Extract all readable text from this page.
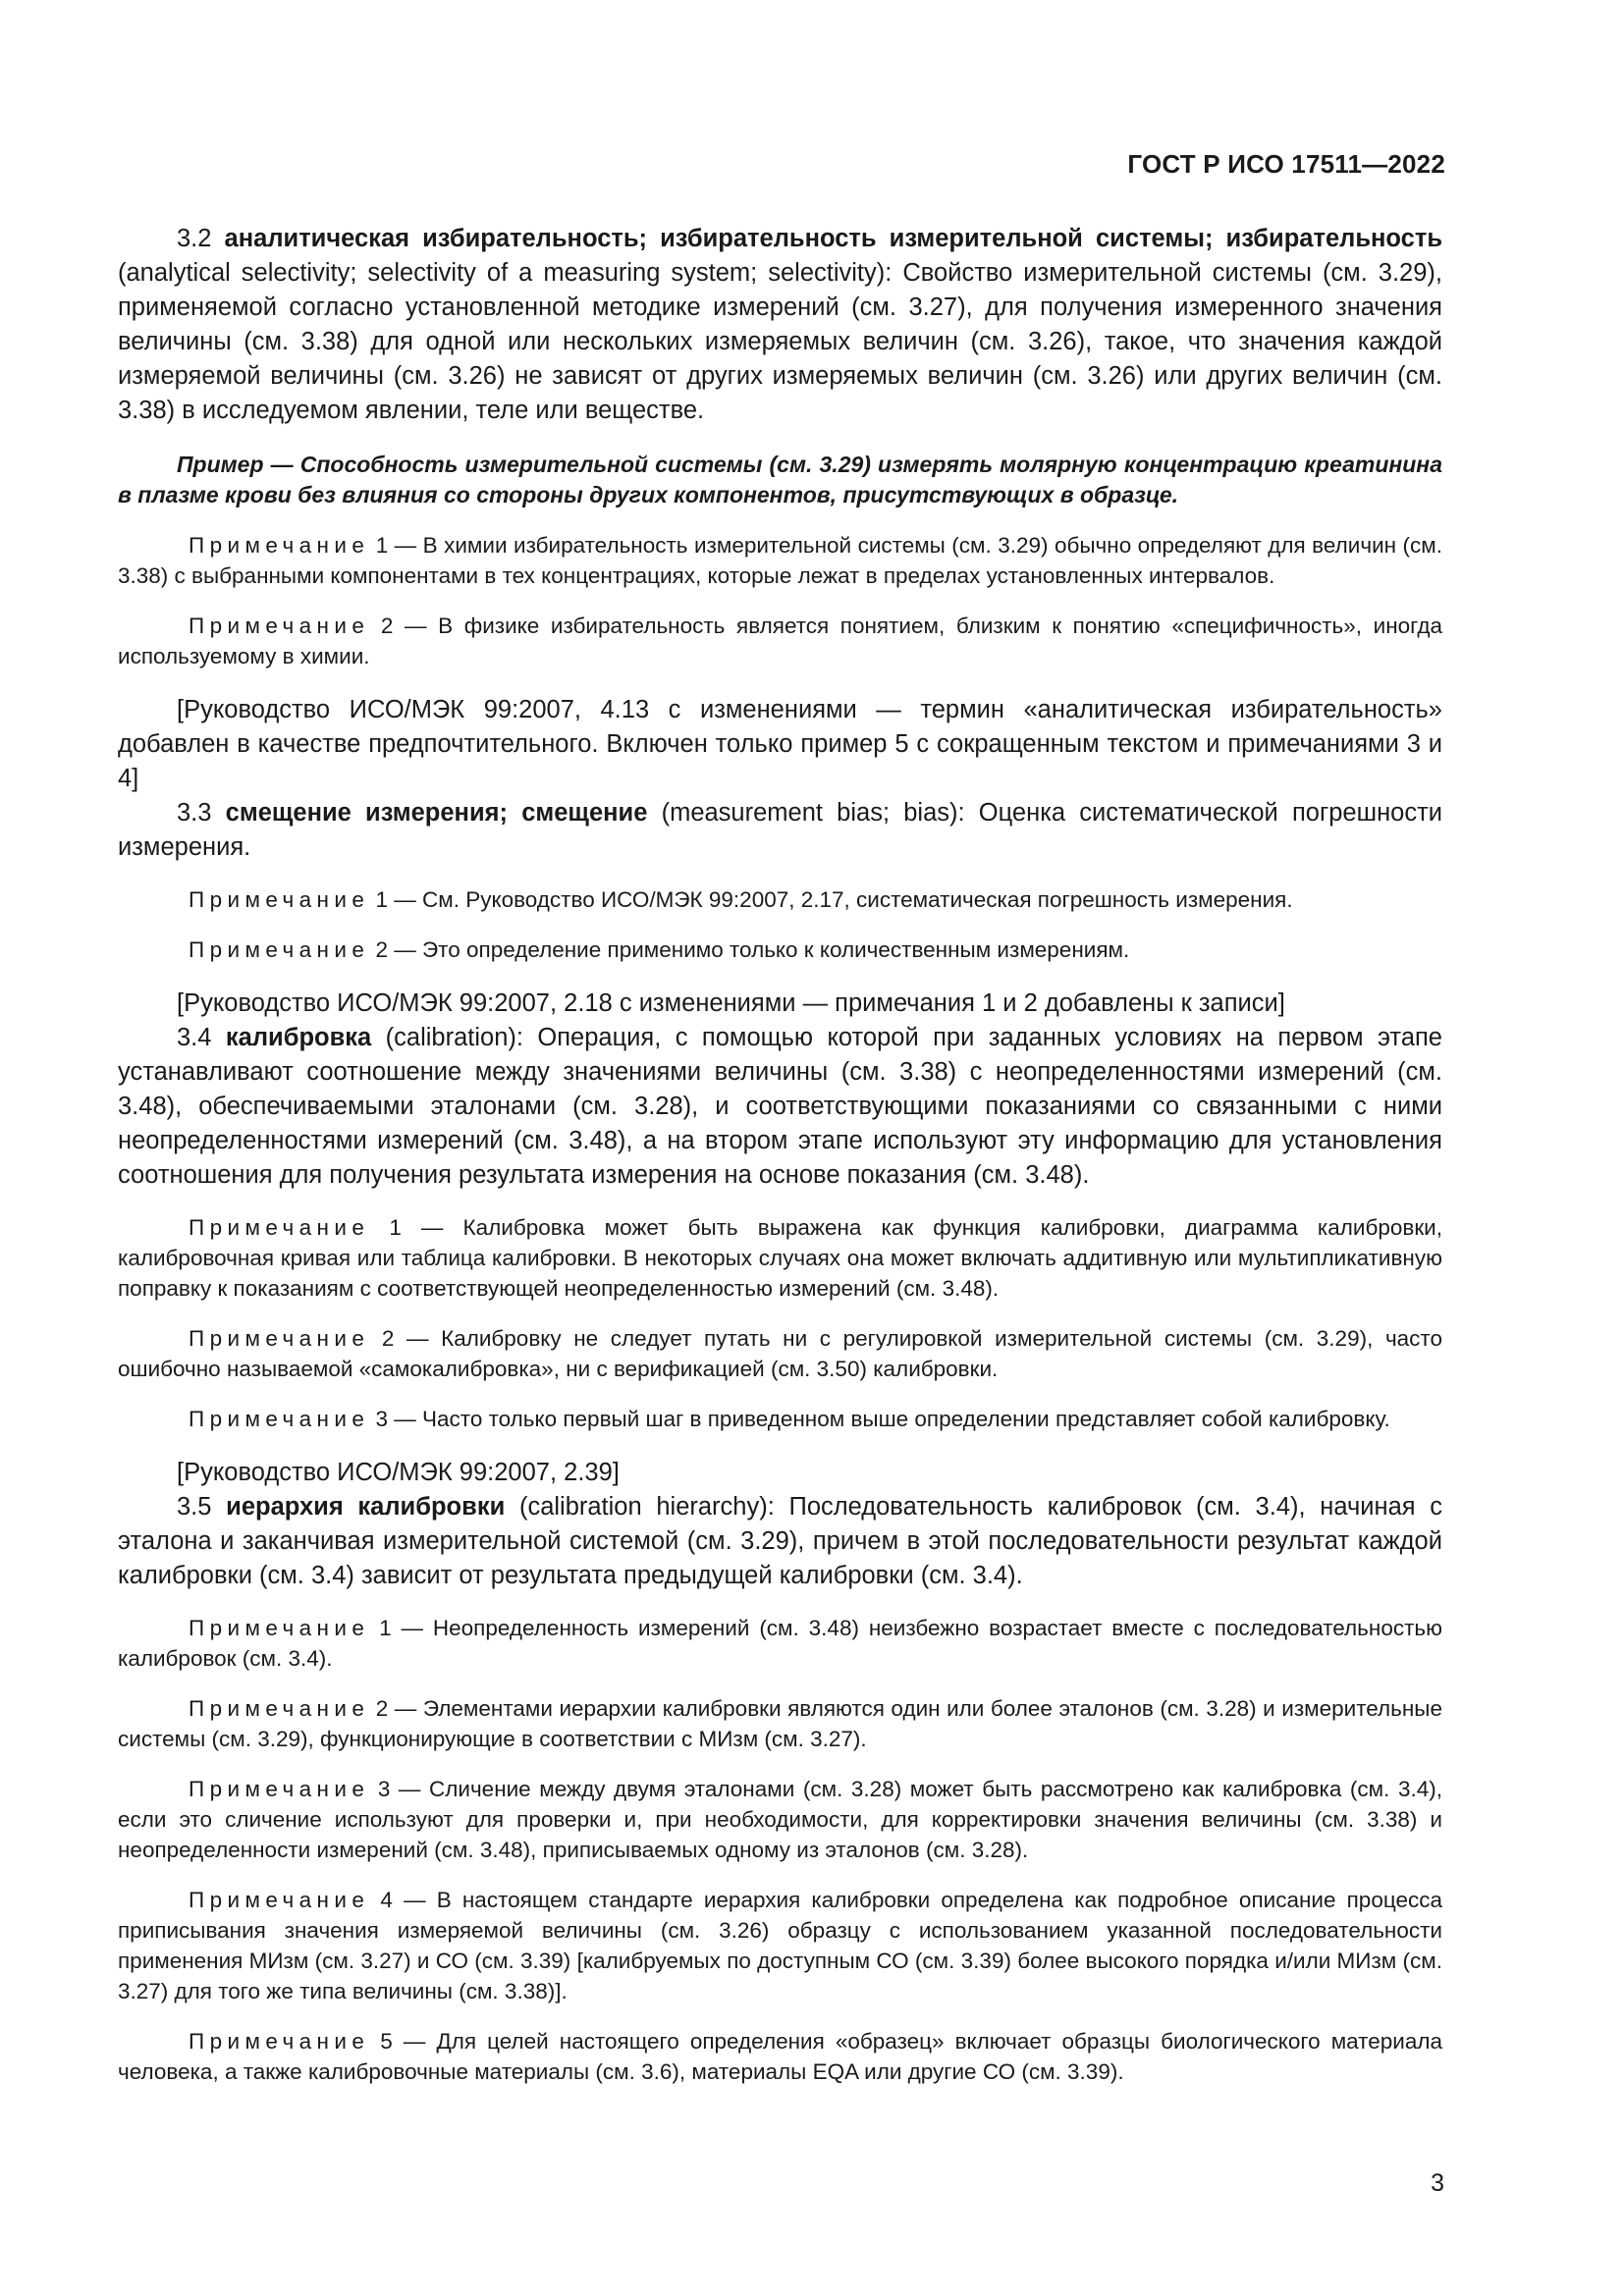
ГОСТ Р ИСО 17511—2022

3.2 аналитическая избирательность; избирательность измерительной системы; избирательность (analytical selectivity; selectivity of a measuring system; selectivity): Свойство измерительной системы (см. 3.29), применяемой согласно установленной методике измерений (см. 3.27), для получения измеренного значения величины (см. 3.38) для одной или нескольких измеряемых величин (см. 3.26), такое, что значения каждой измеряемой величины (см. 3.26) не зависят от других измеряемых величин (см. 3.26) или других величин (см. 3.38) в исследуемом явлении, теле или веществе.

Пример — Способность измерительной системы (см. 3.29) измерять молярную концентрацию креатинина в плазме крови без влияния со стороны других компонентов, присутствующих в образце.

Примечание 1 — В химии избирательность измерительной системы (см. 3.29) обычно определяют для величин (см. 3.38) с выбранными компонентами в тех концентрациях, которые лежат в пределах установленных интервалов.

Примечание 2 — В физике избирательность является понятием, близким к понятию «специфичность», иногда используемому в химии.

[Руководство ИСО/МЭК 99:2007, 4.13 с изменениями — термин «аналитическая избирательность» добавлен в качестве предпочтительного. Включен только пример 5 с сокращенным текстом и примечаниями 3 и 4]

3.3 смещение измерения; смещение (measurement bias; bias): Оценка систематической погрешности измерения.

Примечание 1 — См. Руководство ИСО/МЭК 99:2007, 2.17, систематическая погрешность измерения.

Примечание 2 — Это определение применимо только к количественным измерениям.

[Руководство ИСО/МЭК 99:2007, 2.18 с изменениями — примечания 1 и 2 добавлены к записи]

3.4 калибровка (calibration): Операция, с помощью которой при заданных условиях на первом этапе устанавливают соотношение между значениями величины (см. 3.38) с неопределенностями измерений (см. 3.48), обеспечиваемыми эталонами (см. 3.28), и соответствующими показаниями со связанными с ними неопределенностями измерений (см. 3.48), а на втором этапе используют эту информацию для установления соотношения для получения результата измерения на основе показания (см. 3.48).

Примечание 1 — Калибровка может быть выражена как функция калибровки, диаграмма калибровки, калибровочная кривая или таблица калибровки. В некоторых случаях она может включать аддитивную или мультипликативную поправку к показаниям с соответствующей неопределенностью измерений (см. 3.48).

Примечание 2 — Калибровку не следует путать ни с регулировкой измерительной системы (см. 3.29), часто ошибочно называемой «самокалибровка», ни с верификацией (см. 3.50) калибровки.

Примечание 3 — Часто только первый шаг в приведенном выше определении представляет собой калибровку.

[Руководство ИСО/МЭК 99:2007, 2.39]

3.5 иерархия калибровки (calibration hierarchy): Последовательность калибровок (см. 3.4), начиная с эталона и заканчивая измерительной системой (см. 3.29), причем в этой последовательности результат каждой калибровки (см. 3.4) зависит от результата предыдущей калибровки (см. 3.4).

Примечание 1 — Неопределенность измерений (см. 3.48) неизбежно возрастает вместе с последовательностью калибровок (см. 3.4).

Примечание 2 — Элементами иерархии калибровки являются один или более эталонов (см. 3.28) и измерительные системы (см. 3.29), функционирующие в соответствии с МИзм (см. 3.27).

Примечание 3 — Сличение между двумя эталонами (см. 3.28) может быть рассмотрено как калибровка (см. 3.4), если это сличение используют для проверки и, при необходимости, для корректировки значения величины (см. 3.38) и неопределенности измерений (см. 3.48), приписываемых одному из эталонов (см. 3.28).

Примечание 4 — В настоящем стандарте иерархия калибровки определена как подробное описание процесса приписывания значения измеряемой величины (см. 3.26) образцу с использованием указанной последовательности применения МИзм (см. 3.27) и СО (см. 3.39) [калибруемых по доступным СО (см. 3.39) более высокого порядка и/или МИзм (см. 3.27) для того же типа величины (см. 3.38)].

Примечание 5 — Для целей настоящего определения «образец» включает образцы биологического материала человека, а также калибровочные материалы (см. 3.6), материалы EQA или другие СО (см. 3.39).

3
